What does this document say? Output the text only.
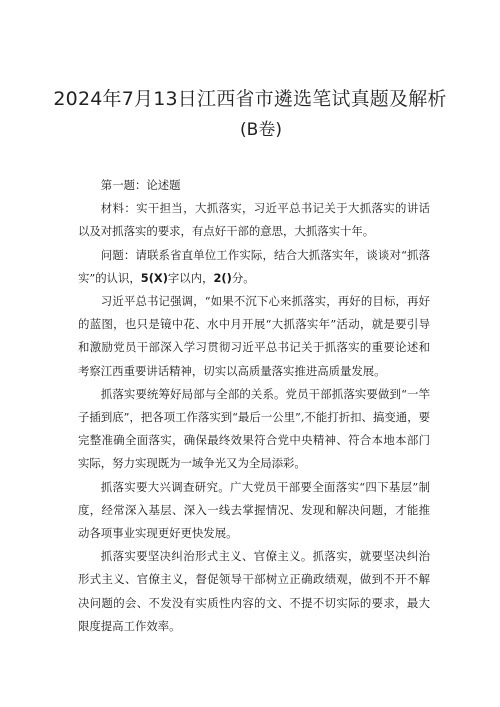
2024年7月13日江西省市遴选笔试真题及解析
(B卷)

第一题：论述题

材料：实干担当，大抓落实，习近平总书记关于大抓落实的讲话以及对抓落实的要求，有点好干部的意思，大抓落实十年。

问题：请联系省直单位工作实际，结合大抓落实年，谈谈对“抓落实”的认识，5(X)字以内，2()分。

习近平总书记强调，“如果不沉下心来抓落实，再好的目标，再好的蓝图，也只是镜中花、水中月开展“大抓落实年”活动，就是要引导和激励党员干部深入学习贯彻习近平总书记关于抓落实的重要论述和考察江西重要讲话精神，切实以高质量落实推进高质量发展。

抓落实要统筹好局部与全部的关系。党员干部抓落实要做到“一竿子插到底”，把各项工作落实到“最后一公里”,不能打折扣、搞变通，要完整准确全面落实，确保最终效果符合党中央精神、符合本地本部门实际，努力实现既为一域争光又为全局添彩。

抓落实要大兴调查研究。广大党员干部要全面落实“四下基层”制度，经常深入基层、深入一线去掌握情况、发现和解决问题，才能推动各项事业实现更好更快发展。

抓落实要坚决纠治形式主义、官僚主义。抓落实，就要坚决纠治形式主义、官僚主义，督促领导干部树立正确政绩观，做到不开不解决问题的会、不发没有实质性内容的文、不提不切实际的要求，最大限度提高工作效率。
